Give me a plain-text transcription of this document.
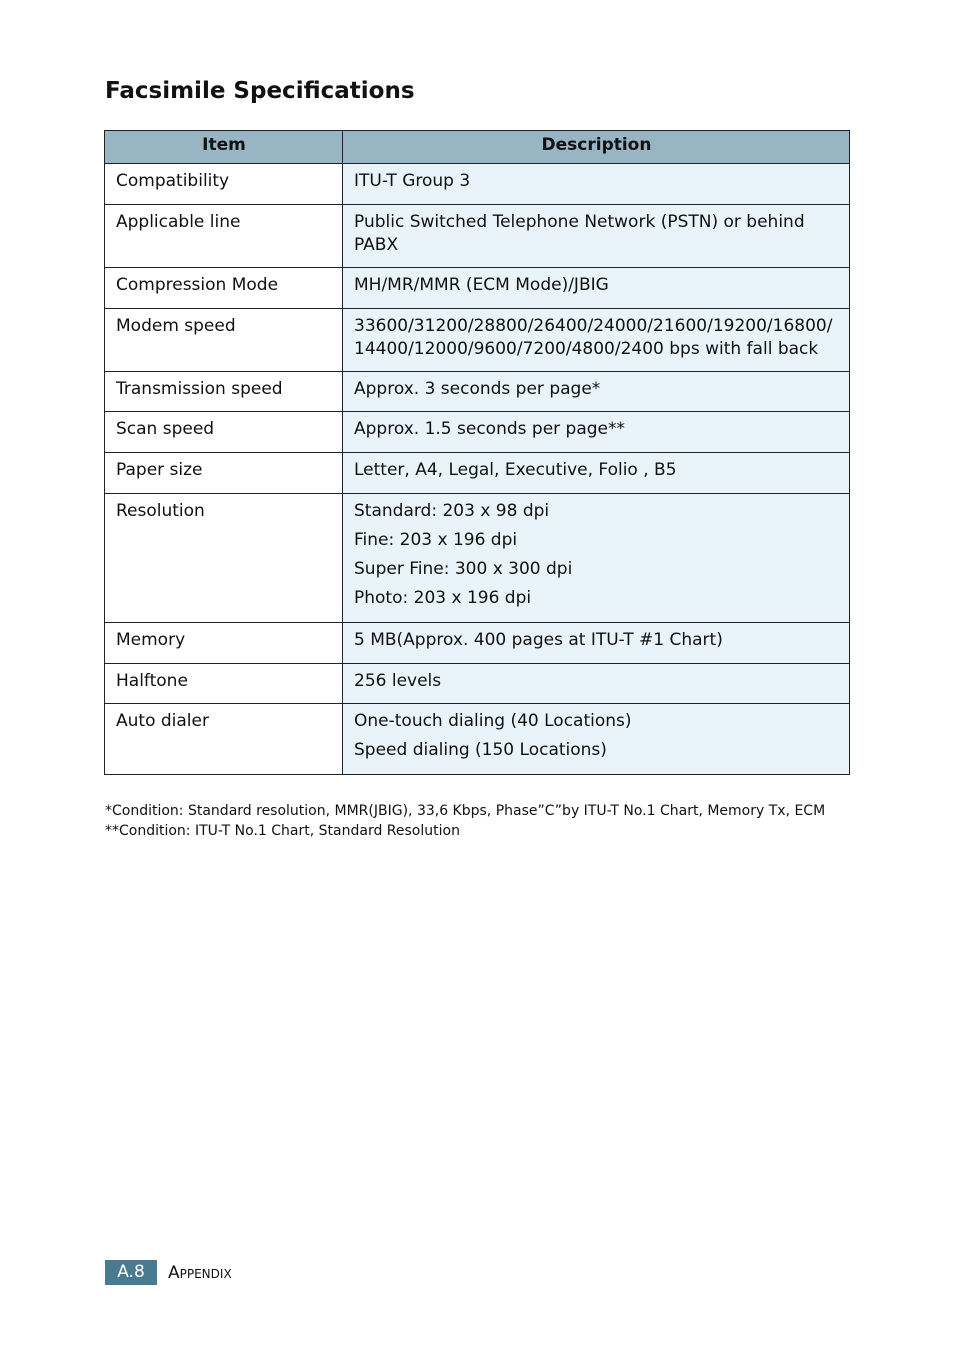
Facsimile Specifications
Item	Description
Compatibility	ITU-T Group 3

Applicable line	Public Switched Telephone Network (PSTN) or behind
PABX

Compression Mode	MH/MR/MMR (ECM Mode)/JBIG

Modem speed	33600/31200/28800/26400/24000/21600/19200/16800/
14400/12000/9600/7200/4800/2400 bps with fall back

Transmission speed	Approx. 3 seconds per page*

Scan speed	Approx. 1.5 seconds per page**

Paper size	Letter, A4, Legal, Executive, Folio , B5

Resolution	Standard: 203 x 98 dpi
Fine: 203 x 196 dpi
Super Fine: 300 x 300 dpi
Photo: 203 x 196 dpi

Memory	5 MB(Approx. 400 pages at ITU-T #1 Chart)

Halftone	256 levels

Auto dialer	One-touch dialing (40 Locations)
Speed dialing (150 Locations)
*Condition: Standard resolution, MMR(JBIG), 33,6 Kbps, Phase”C”by ITU-T No.1 Chart, Memory Tx, ECM
**Condition: ITU-T No.1 Chart, Standard Resolution
A.8	Appendix
